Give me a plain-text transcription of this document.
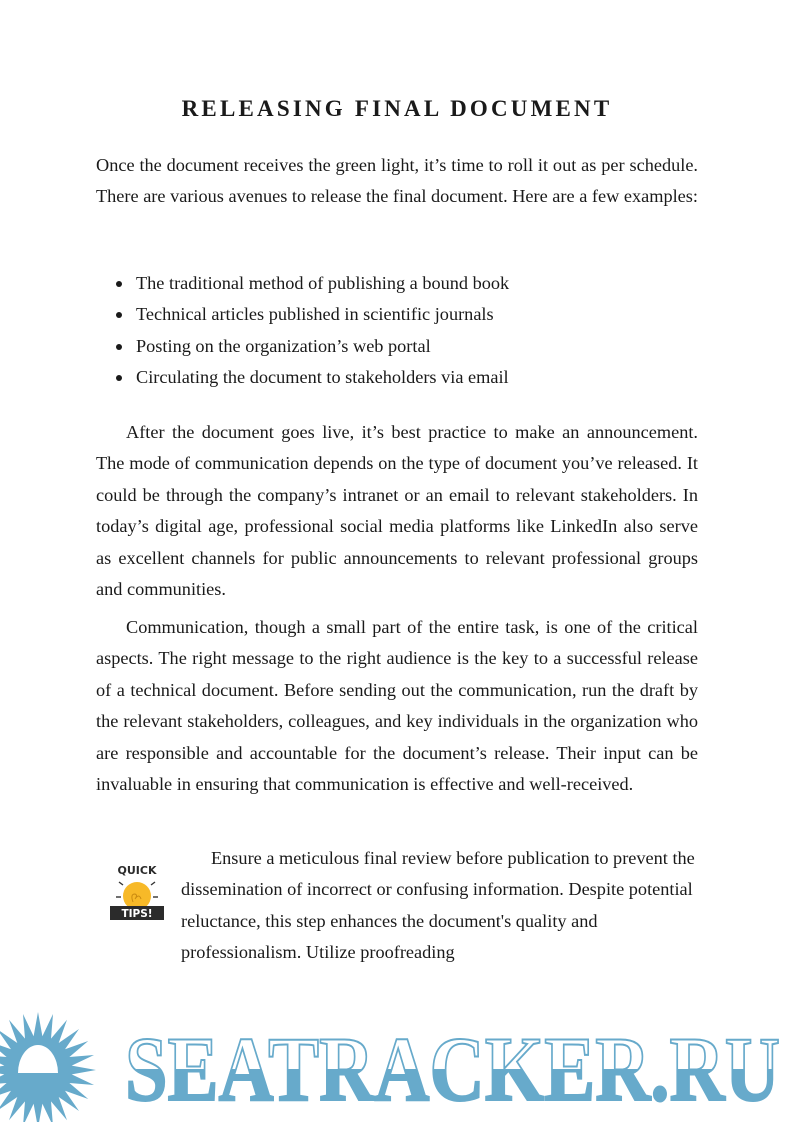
RELEASING FINAL DOCUMENT

Once the document receives the green light, it’s time to roll it out as per schedule. There are various avenues to release the final document. Here are a few examples:

The traditional method of publishing a bound book
Technical articles published in scientific journals
Posting on the organization’s web portal
Circulating the document to stakeholders via email

After the document goes live, it’s best practice to make an announcement. The mode of communication depends on the type of document you’ve released. It could be through the company’s intranet or an email to relevant stakeholders. In today’s digital age, professional social media platforms like LinkedIn also serve as excellent channels for public announcements to relevant professional groups and communities.

Communication, though a small part of the entire task, is one of the critical aspects. The right message to the right audience is the key to a successful release of a technical document. Before sending out the communication, run the draft by the relevant stakeholders, colleagues, and key individuals in the organization who are responsible and accountable for the document’s release. Their input can be invaluable in ensuring that communication is effective and well-received.

QUICK
TIPS!

Ensure a meticulous final review before publication to prevent the dissemination of incorrect or confusing information. Despite potential reluctance, this step enhances the document's quality and professionalism. Utilize proofreading

SEATRACKER.RU
